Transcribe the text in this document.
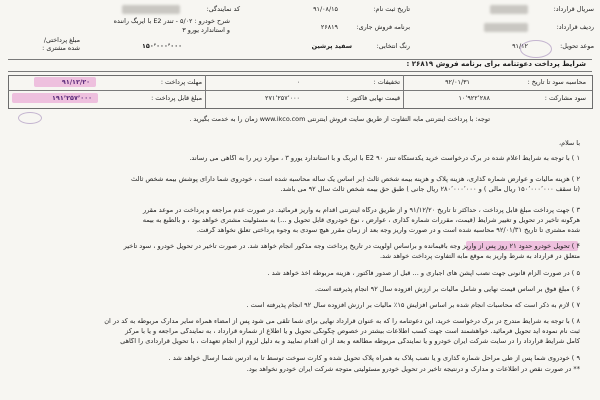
سریال قرارداد:
ردیف قرارداد:
موعد تحویل:
۹۱/۱۲
تاریخ ثبت نام:
۹۱/۰۸/۱۵
برنامه فروش جاری:
۲۶۸۱۹
رنگ انتخابی:
سفید پرشین
کد نمایندگی:
شرح خودرو : ۵/۰۲ - تندر E2 با ایربگ راننده
و استاندارد یورو ۳
مبلغ پرداختی/
شده مشتری :	۱۵۰٬۰۰۰٬۰۰۰
شرایط پرداخت دعوتنامه برای برنامه فروش ۲۶۸۱۹ :
محاسبه سود تا تاریخ :
۹۲/۰۱/۳۱
تخفیفات :
۰
مهلت پرداخت :
۹۱/۱۲/۲۰
سود مشارکت :
۱۰٬۹۲۲٬۲۸۸
قیمت نهایی فاکتور :
۲۷۱٬۲۵۷٬۰۰۰
مبلغ قابل پرداخت :
۱۹۱٬۲۵۷٬۰۰۰
توجه: با پرداخت اینترنتی مابه التفاوت از طریق سایت فروش اینترنتی www.ikco.com زمان را به خدمت بگیرید .
با سلام،
۱ ) با توجه به شرایط اعلام شده در برگ درخواست خرید یکدستگاه تندر ۹۰ E2 با ایربگ و با استاندارد یورو ۳ ، موارد زیر را به آگاهی می رساند.
۲ ) هزینه مالیات و عوارض شماره گذاری، هزینه پلاک و هزینه بیمه شخص ثالث (بر اساس یک ساله محاسبه شده است ، خودروی شما دارای پوشش بیمه شخص ثالث
(تا سقف ۱۵۰٬۰۰۰٬۰۰۰ ریال مالی ) و ۲۸۰٬۰۰۰٬۰۰۰ ریال جانی ) طبق حق بیمه شخص ثالث سال ۹۲ می باشد.
۳ ) جهت پرداخت مبلغ قابل پرداخت ، حداکثر تا تاریخ ۹۱/۱۲/۲۰ و از طریق درگاه اینترنتی اقدام به واریز فرمائید. در صورت عدم مراجعه و پرداخت در موعد مقرر
هرگونه تاخیر در تحویل و تغییر شرایط (قیمت، مقررات شماره گذاری ، عوارض ، نوع خودروی قابل تحویل و ...) به مسئولیت مشتری خواهد بود ، و بالطبع به بیمه
شده مشتری تا تاریخ ۹۲/۰۱/۳۱ محاسبه شده است و در صورت واریز وجه بعد از زمان مقرر هیچ سودی به وجوه پرداختی تعلق نخواهد گرفت.
۴ ) تحویل خودرو حدود ۲۱ روز پس از واریز وجه باقیمانده و براساس اولویت در تاریخ پرداخت وجه مذکور انجام خواهد شد. در صورت تاخیر در تحویل خودرو ، سود تاخیر
متعلق در قرارداد به شرط واریز به موقع مابه التفاوت پرداخت خواهد شد.
۵ ) در صورت الزام قانونی جهت نصب آپشن های اجباری و ... قبل از صدور فاکتور ، هزینه مربوطه اخذ خواهد شد .
۶ ) مبلغ فوق بر اساس قیمت نهایی و شامل مالیات بر ارزش افزوده سال ۹۲ انجام پذیرفته است.
۷ ) لازم به ذکر است که محاسبات انجام شده بر اساس افزایش ۱۵٪ مالیات بر ارزش افزوده سال ۹۲ انجام پذیرفته است .
۸ ) با توجه به شرایط مندرج در برگ درخواست خرید، این دعوتنامه را که به عنوان قرارداد نهایی برای شما تلقی می شود پس از امضاء همراه سایر مدارک مربوطه به کد در آن
ثبت نام نموده اید تحویل فرمائید. خواهشمند است جهت کسب اطلاعات بیشتر در خصوص چگونگی تحویل و یا اطلاع از شماره قرارداد ، به نمایندگی مراجعه و یا با مرکز
کامل شرایط قرارداد را در سایت شرکت ایران خودرو و یا نمایندگی مربوطه مطالعه و بعد از آن اقدام نمایید و به دلیل لزوم از انجام تعهدات ، با تحویل قراردادی را آگاهی
۹ ) خودروی شما پس از طی مراحل شماره گذاری و یا نصب پلاک به همراه پلاک تحویل شده و کارت سوخت توسط تا به آدرس شما ارسال خواهد شد .
** در صورت نقص در اطلاعات و مدارک و درنتیجه تاخیر در تحویل خودرو مسئولیتی متوجه شرکت ایران خودرو نخواهد بود.
